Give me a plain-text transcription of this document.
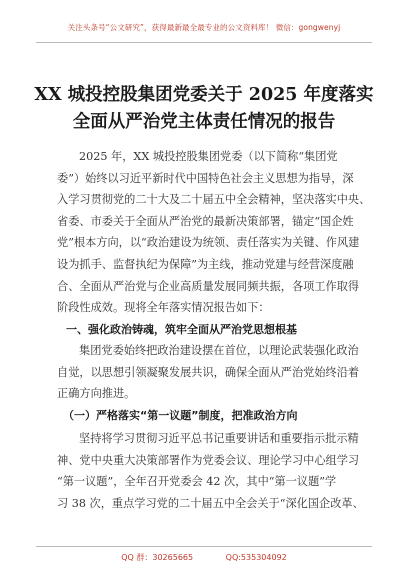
关注头条号“公文研究”，获得最新最全最专业的公文资料库！ 微信：gongwenyj
XX 城投控股集团党委关于 2025 年度落实
全面从严治党主体责任情况的报告
2025 年，XX 城投控股集团党委（以下简称“集团党
委”）始终以习近平新时代中国特色社会主义思想为指导，深
入学习贯彻党的二十大及二十届五中全会精神，坚决落实中央、
省委、市委关于全面从严治党的最新决策部署，锚定“国企姓
党”根本方向，以“政治建设为统领、责任落实为关键、作风建
设为抓手、监督执纪为保障”为主线，推动党建与经营深度融
合、全面从严治党与企业高质量发展同频共振，各项工作取得
阶段性成效。现将全年落实情况报告如下：
一、强化政治铸魂，筑牢全面从严治党思想根基
集团党委始终把政治建设摆在首位，以理论武装强化政治
自觉，以思想引领凝聚发展共识，确保全面从严治党始终沿着
正确方向推进。
（一）严格落实“第一议题”制度，把准政治方向
坚持将学习贯彻习近平总书记重要讲话和重要指示批示精
神、党中央重大决策部署作为党委会议、理论学习中心组学习
“第一议题”，全年召开党委会 42 次，其中“第一议题”学
习 38 次，重点学习党的二十届五中全会关于“深化国企改革、
QQ 群：30265665	QQ:535304092
